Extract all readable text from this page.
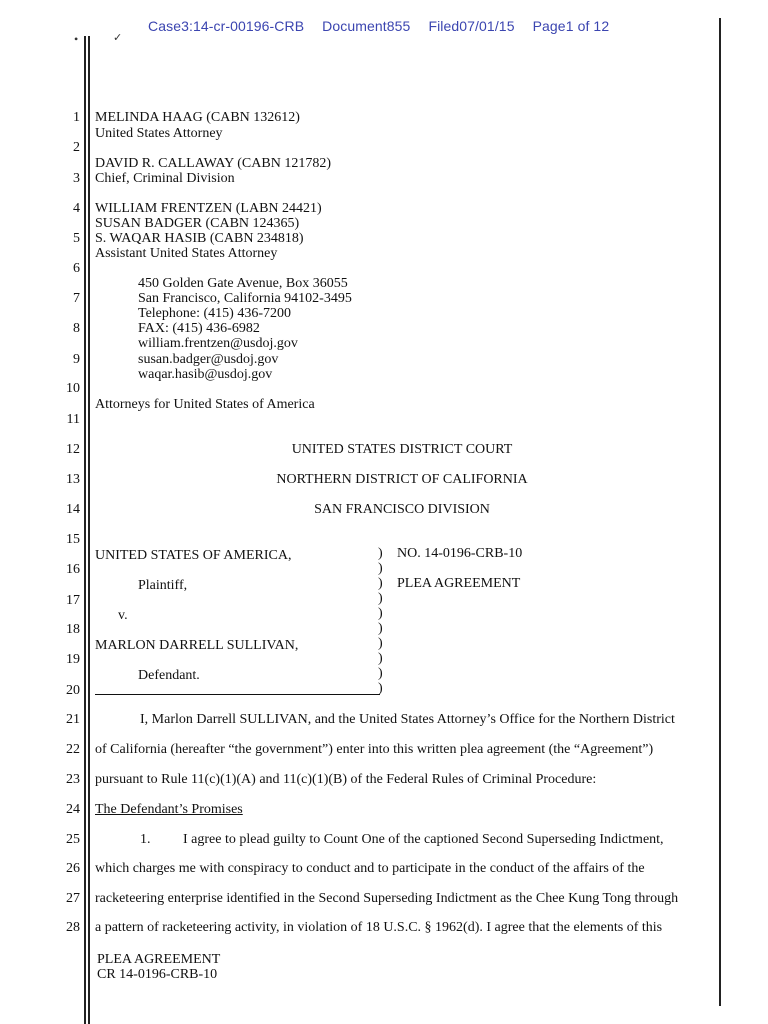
Case3:14-cr-00196-CRB Document855 Filed07/01/15 Page1 of 12
•	✓
1
2
3
4
5
6
7
8
9
10
11
12
13
14
15
16
17
18
19
20
21
22
23
24
25
26
27
28
MELINDA HAAG (CABN 132612)
United States Attorney
DAVID R. CALLAWAY (CABN 121782)
Chief, Criminal Division
WILLIAM FRENTZEN (LABN 24421)
SUSAN BADGER (CABN 124365)
S. WAQAR HASIB (CABN 234818)
Assistant United States Attorney
450 Golden Gate Avenue, Box 36055
San Francisco, California 94102-3495
Telephone: (415) 436-7200
FAX: (415) 436-6982
william.frentzen@usdoj.gov
susan.badger@usdoj.gov
waqar.hasib@usdoj.gov
Attorneys for United States of America
UNITED STATES DISTRICT COURT
NORTHERN DISTRICT OF CALIFORNIA
SAN FRANCISCO DIVISION
UNITED STATES OF AMERICA,
Plaintiff,
v.
MARLON DARRELL SULLIVAN,
Defendant.
)
)
)
)
)
)
)
)
)
)
NO. 14-0196-CRB-10
PLEA AGREEMENT
I, Marlon Darrell SULLIVAN, and the United States Attorney’s Office for the Northern District
of California (hereafter “the government”) enter into this written plea agreement (the “Agreement”)
pursuant to Rule 11(c)(1)(A) and 11(c)(1)(B) of the Federal Rules of Criminal Procedure:
The Defendant’s Promises
1. I agree to plead guilty to Count One of the captioned Second Superseding Indictment,
which charges me with conspiracy to conduct and to participate in the conduct of the affairs of the
racketeering enterprise identified in the Second Superseding Indictment as the Chee Kung Tong through
a pattern of racketeering activity, in violation of 18 U.S.C. § 1962(d). I agree that the elements of this
PLEA AGREEMENT
CR 14-0196-CRB-10
